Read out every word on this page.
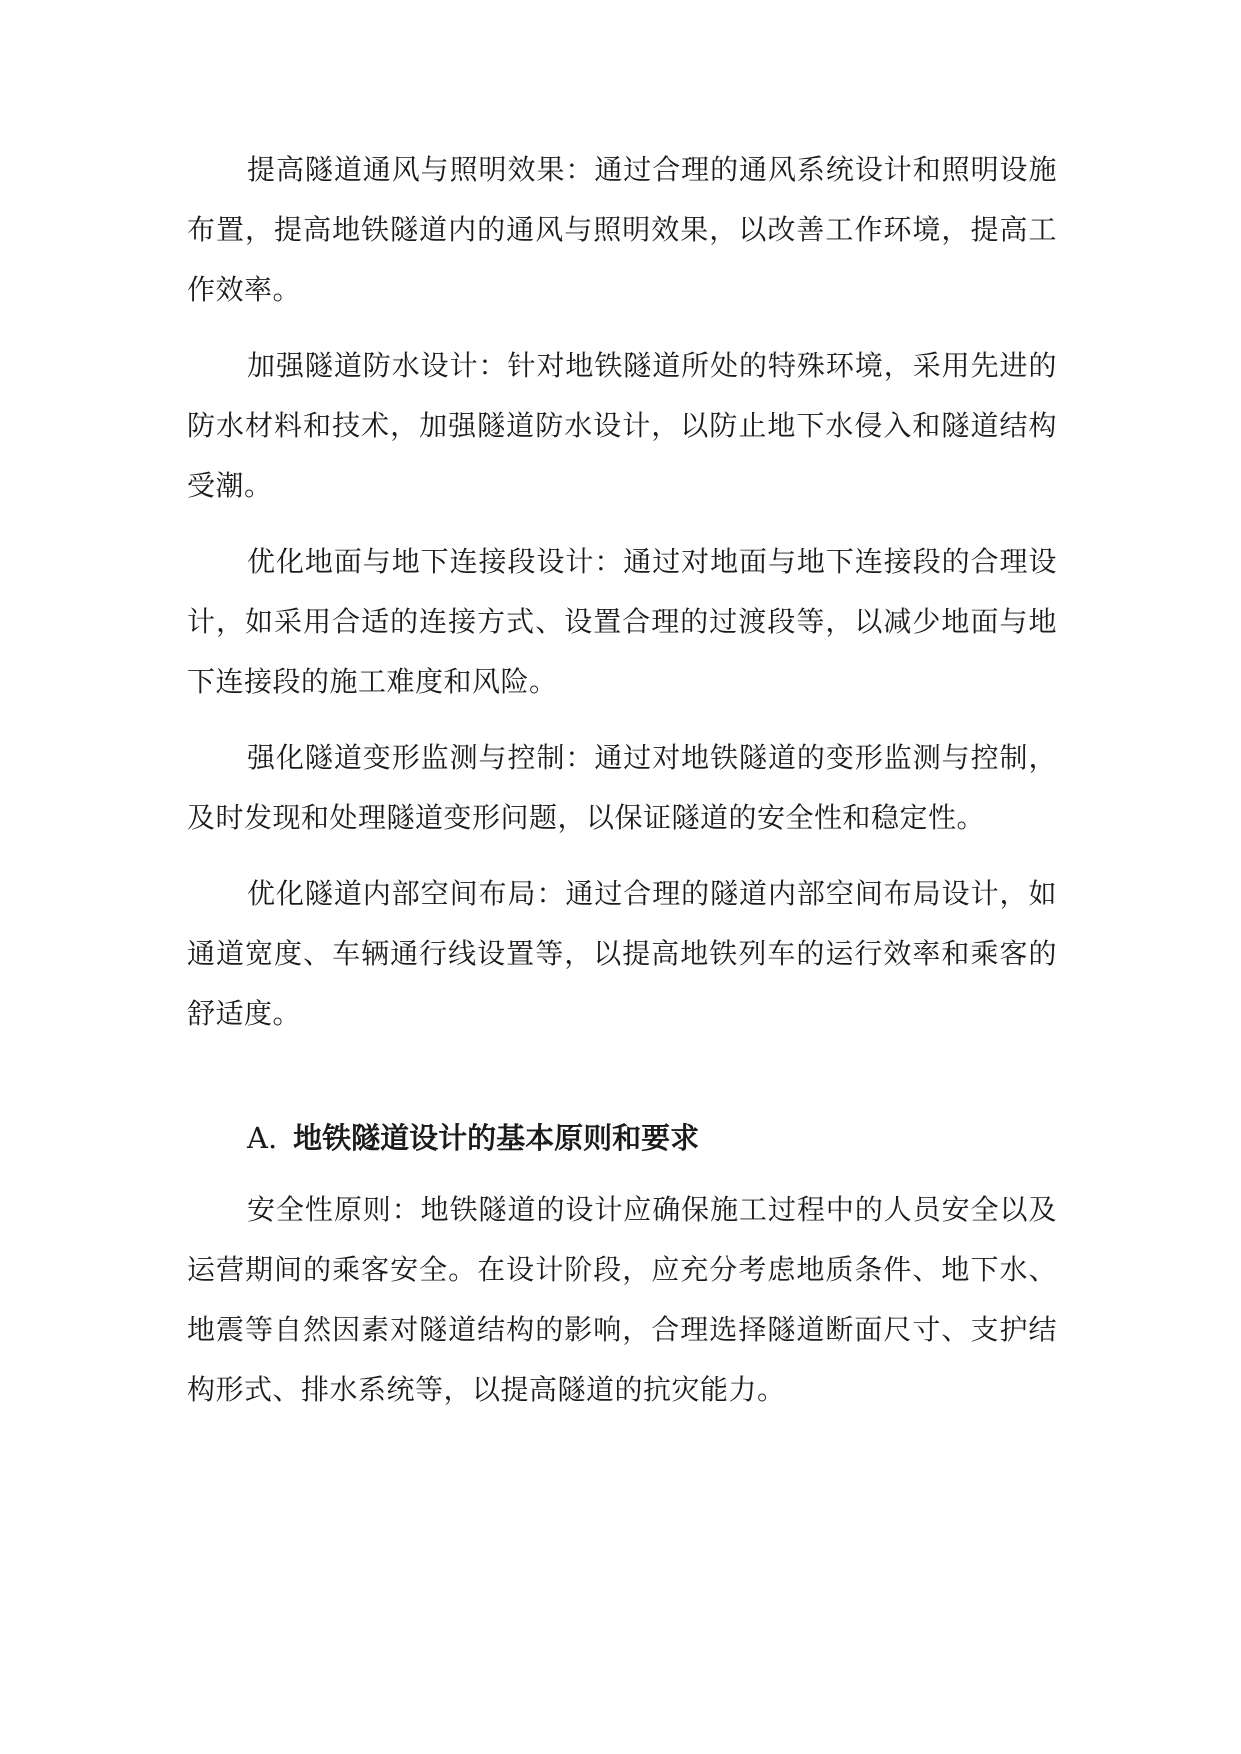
提高隧道通风与照明效果：通过合理的通风系统设计和照明设施布置，提高地铁隧道内的通风与照明效果，以改善工作环境，提高工作效率。

加强隧道防水设计：针对地铁隧道所处的特殊环境，采用先进的防水材料和技术，加强隧道防水设计，以防止地下水侵入和隧道结构受潮。

优化地面与地下连接段设计：通过对地面与地下连接段的合理设计，如采用合适的连接方式、设置合理的过渡段等，以减少地面与地下连接段的施工难度和风险。

强化隧道变形监测与控制：通过对地铁隧道的变形监测与控制，及时发现和处理隧道变形问题，以保证隧道的安全性和稳定性。

优化隧道内部空间布局：通过合理的隧道内部空间布局设计，如通道宽度、车辆通行线设置等，以提高地铁列车的运行效率和乘客的舒适度。

A. 地铁隧道设计的基本原则和要求

安全性原则：地铁隧道的设计应确保施工过程中的人员安全以及运营期间的乘客安全。在设计阶段，应充分考虑地质条件、地下水、地震等自然因素对隧道结构的影响，合理选择隧道断面尺寸、支护结构形式、排水系统等，以提高隧道的抗灾能力。
